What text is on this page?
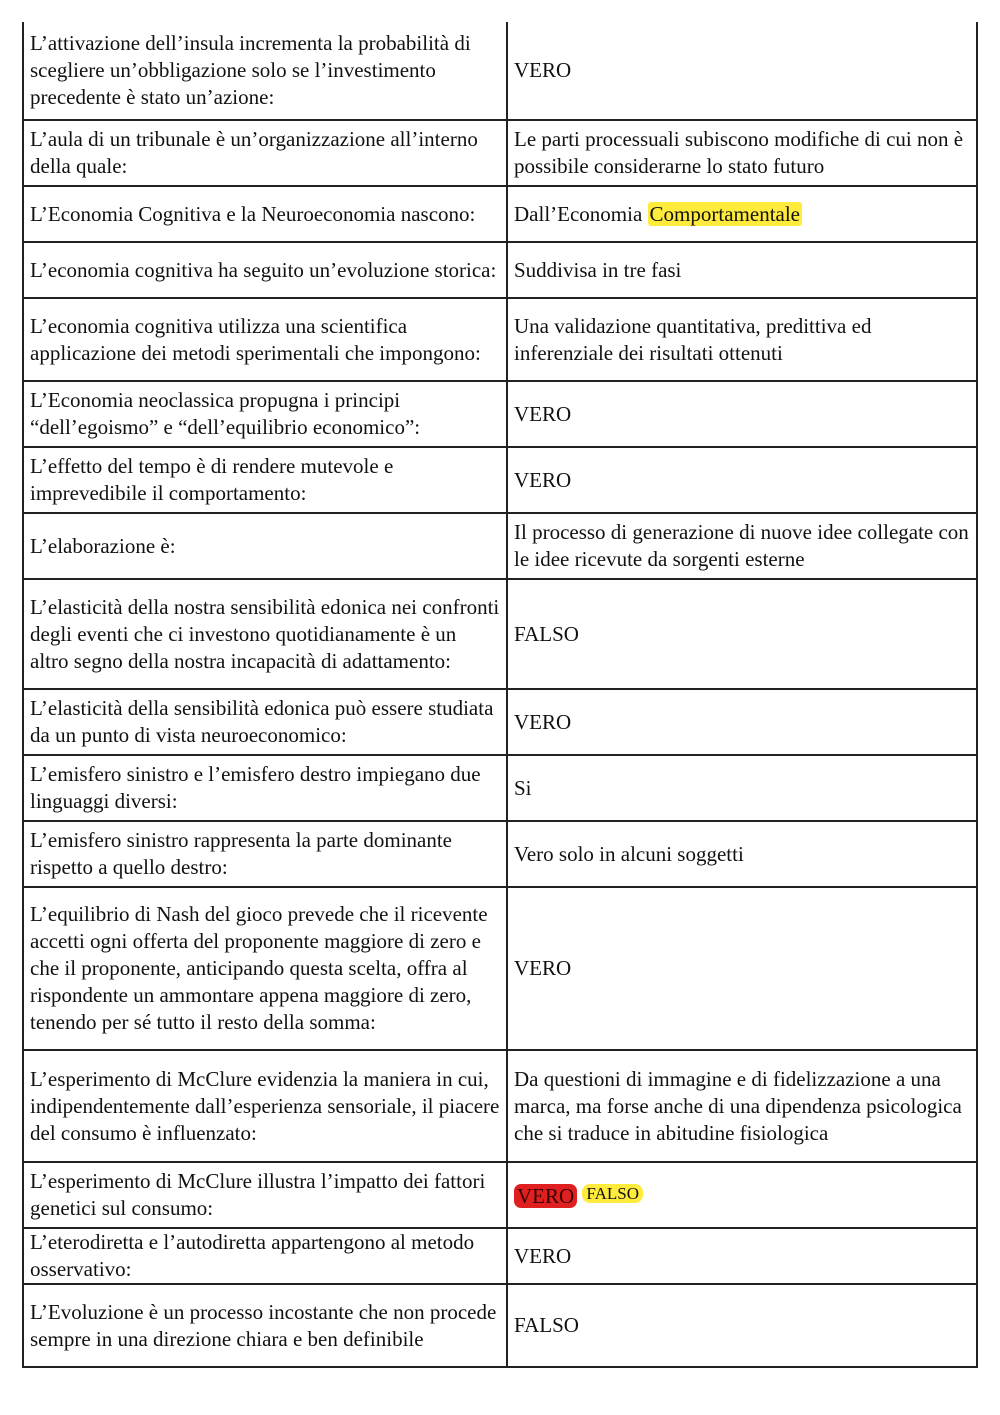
L’attivazione dell’insula incrementa la probabilità di scegliere un’obbligazione solo se l’investimento precedente è stato un’azione:	VERO
L’aula di un tribunale è un’organizzazione all’interno della quale:	Le parti processuali subiscono modifiche di cui non è possibile considerarne lo stato futuro
L’Economia Cognitiva e la Neuroeconomia nascono:	Dall’Economia Comportamentale
L’economia cognitiva ha seguito un’evoluzione storica:	Suddivisa in tre fasi
L’economia cognitiva utilizza una scientifica applicazione dei metodi sperimentali che impongono:	Una validazione quantitativa, predittiva ed inferenziale dei risultati ottenuti
L’Economia neoclassica propugna i principi “dell’egoismo” e “dell’equilibrio economico”:	VERO
L’effetto del tempo è di rendere mutevole e imprevedibile il comportamento:	VERO
L’elaborazione è:	Il processo di generazione di nuove idee collegate con le idee ricevute da sorgenti esterne
L’elasticità della nostra sensibilità edonica nei confronti degli eventi che ci investono quotidianamente è un altro segno della nostra incapacità di adattamento:	FALSO
L’elasticità della sensibilità edonica può essere studiata da un punto di vista neuroeconomico:	VERO
L’emisfero sinistro e l’emisfero destro impiegano due linguaggi diversi:	Si
L’emisfero sinistro rappresenta la parte dominante rispetto a quello destro:	Vero solo in alcuni soggetti
L’equilibrio di Nash del gioco prevede che il ricevente accetti ogni offerta del proponente maggiore di zero e che il proponente, anticipando questa scelta, offra al rispondente un ammontare appena maggiore di zero, tenendo per sé tutto il resto della somma:	VERO
L’esperimento di McClure evidenzia la maniera in cui, indipendentemente dall’esperienza sensoriale, il piacere del consumo è influenzato:	Da questioni di immagine e di fidelizzazione a una marca, ma forse anche di una dipendenza psicologica che si traduce in abitudine fisiologica
L’esperimento di McClure illustra l’impatto dei fattori genetici sul consumo:	VERO FALSO
L’eterodiretta e l’autodiretta appartengono al metodo osservativo:	VERO
L’Evoluzione è un processo incostante che non procede sempre in una direzione chiara e ben definibile	FALSO
